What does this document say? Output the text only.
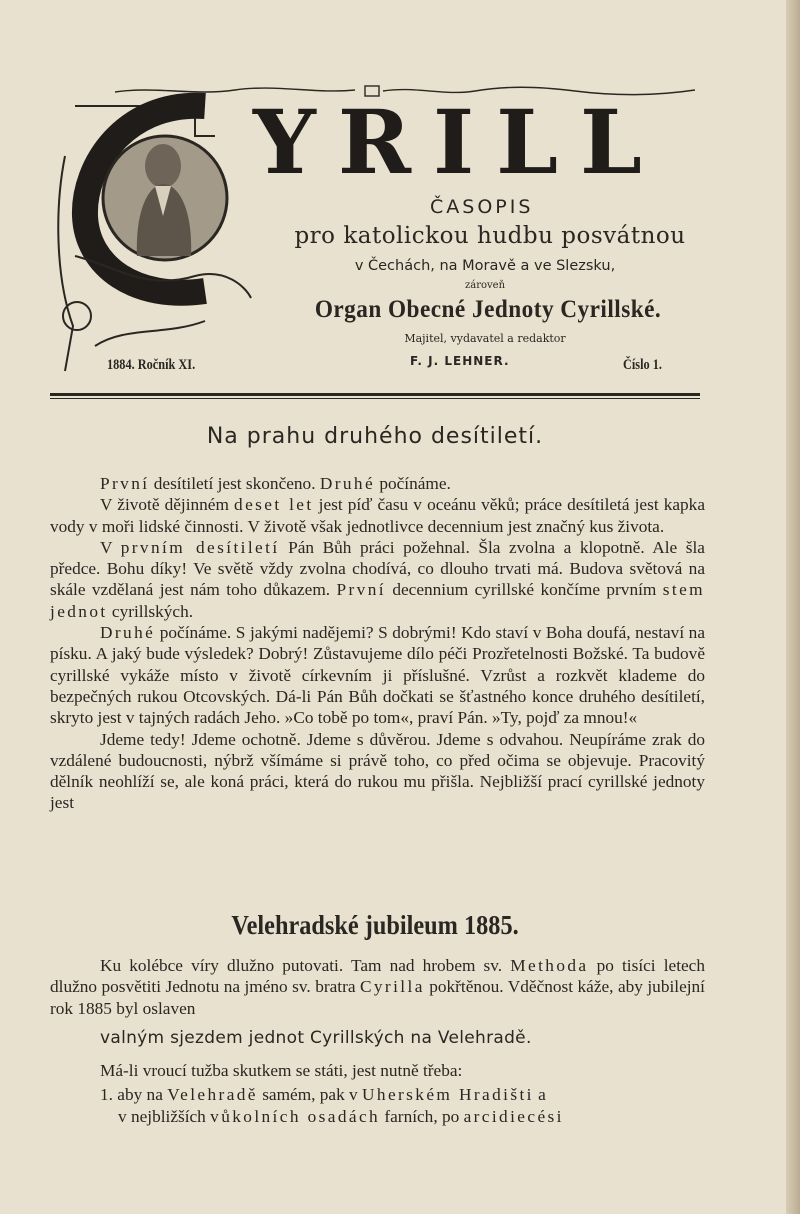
YRILL
ČASOPIS
pro katolickou hudbu posvátnou
v Čechách, na Moravě a ve Slezsku,
zároveň
Organ Obecné Jednoty Cyrillské.
Majitel, vydavatel a redaktor
1884. Ročník XI.	F. J. LEHNER.	Číslo 1.
Na prahu druhého desítiletí.

První desítiletí jest skončeno. Druhé počínáme.

V životě dějinném deset let jest píď času v oceánu věků; práce desítiletá jest kapka vody v moři lidské činnosti. V životě však jednotlivce decennium jest značný kus života.

V prvním desítiletí Pán Bůh práci požehnal. Šla zvolna a klopotně. Ale šla předce. Bohu díky! Ve světě vždy zvolna chodívá, co dlouho trvati má. Budova světová na skále vzdělaná jest nám toho důkazem. První decennium cyrillské končíme prvním stem jednot cyrillských.

Druhé počínáme. S jakými nadějemi? S dobrými! Kdo staví v Boha doufá, nestaví na písku. A jaký bude výsledek? Dobrý! Zůstavujeme dílo péči Prozřetelnosti Božské. Ta budově cyrillské vykáže místo v životě církevním ji příslušné. Vzrůst a rozkvět klademe do bezpečných rukou Otcovských. Dá-li Pán Bůh dočkati se šťastného konce druhého desítiletí, skryto jest v tajných radách Jeho. »Co tobě po tom«, praví Pán. »Ty, pojď za mnou!«

Jdeme tedy! Jdeme ochotně. Jdeme s důvěrou. Jdeme s odvahou. Neupíráme zrak do vzdálené budoucnosti, nýbrž všímáme si právě toho, co před očima se objevuje. Pracovitý dělník neohlíží se, ale koná práci, která do rukou mu přišla. Nejbližší prací cyrillské jednoty jest

Velehradské jubileum 1885.

Ku kolébce víry dlužno putovati. Tam nad hrobem sv. Methoda po tisíci letech dlužno posvětiti Jednotu na jméno sv. bratra Cyrilla pokřtěnou. Vděčnost káže, aby jubilejní rok 1885 byl oslaven

valným sjezdem jednot Cyrillských na Velehradě.
Má-li vroucí tužba skutkem se státi, jest nutně třeba:
1. aby na Velehradě samém, pak v Uherském Hradišti a
v nejbližších vůkolních osadách farních, po arcidiecési
